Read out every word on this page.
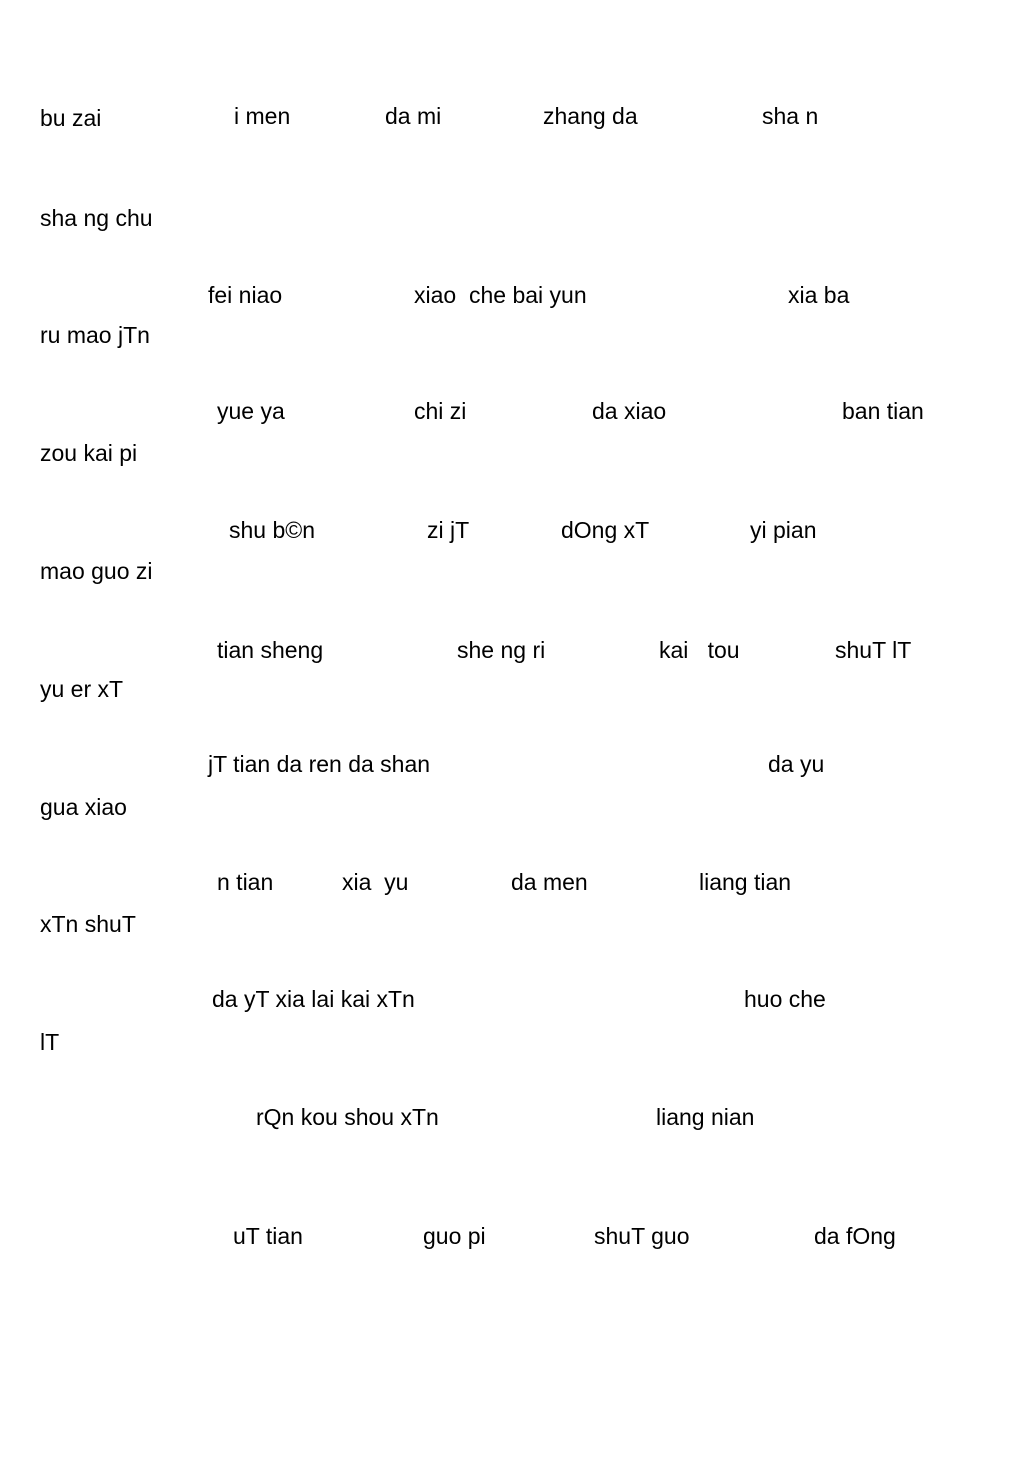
bu zai	i men	da mi	zhang da	sha n
sha ng chu
fei niao	xiao  che bai yun	xia ba
ru mao jTn
yue ya	chi zi	da xiao	ban tian
zou kai pi
shu b©n	zi jT	dOng xT	yi pian
mao guo zi
tian sheng	she ng ri	kai   tou	shuT lT
yu er xT
jT tian da ren da shan	da yu
gua xiao
n tian	xia  yu	da men	liang tian
xTn shuT
da yT xia lai kai xTn	huo che
lT
rQn kou shou xTn	liang nian
uT tian	guo pi	shuT guo	da fOng
